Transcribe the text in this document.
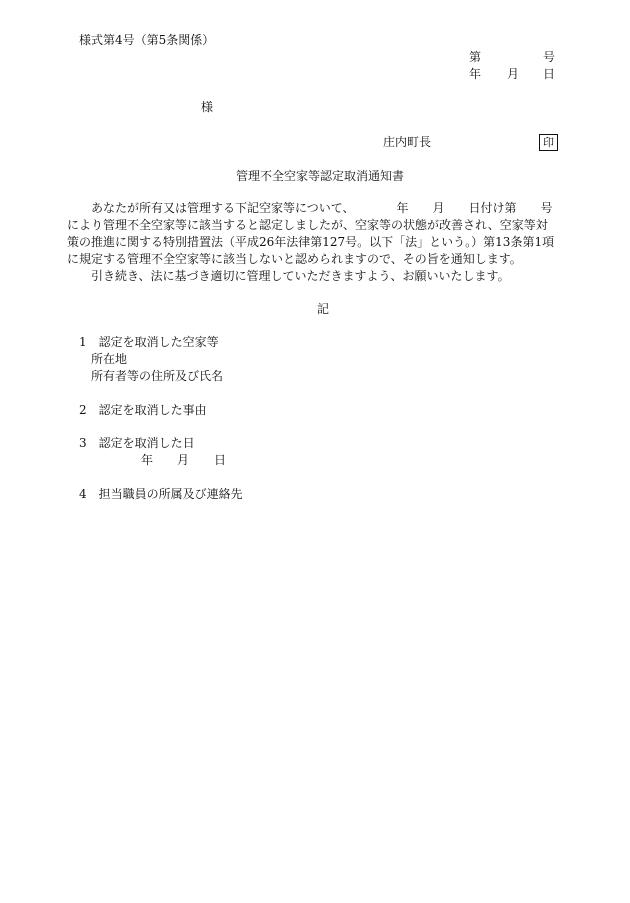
様式第4号（第5条関係）
第	号
年 月 日
様
庄内町長	印
管理不全空家等認定取消通知書

あなたが所有又は管理する下記空家等について、　　　　年　　月　　日付け第　　号
により管理不全空家等に該当すると認定しましたが、空家等の状態が改善され、空家等対
策の推進に関する特別措置法（平成26年法律第127号。以下「法」という。）第13条第1項
に規定する管理不全空家等に該当しないと認められますので、その旨を通知します。

引き続き、法に基づき適切に管理していただきますよう、お願いいたします。

記
1　認定を取消した空家等
所在地
所有者等の住所及び氏名
2　認定を取消した事由
3　認定を取消した日
年 月 日
4　担当職員の所属及び連絡先
